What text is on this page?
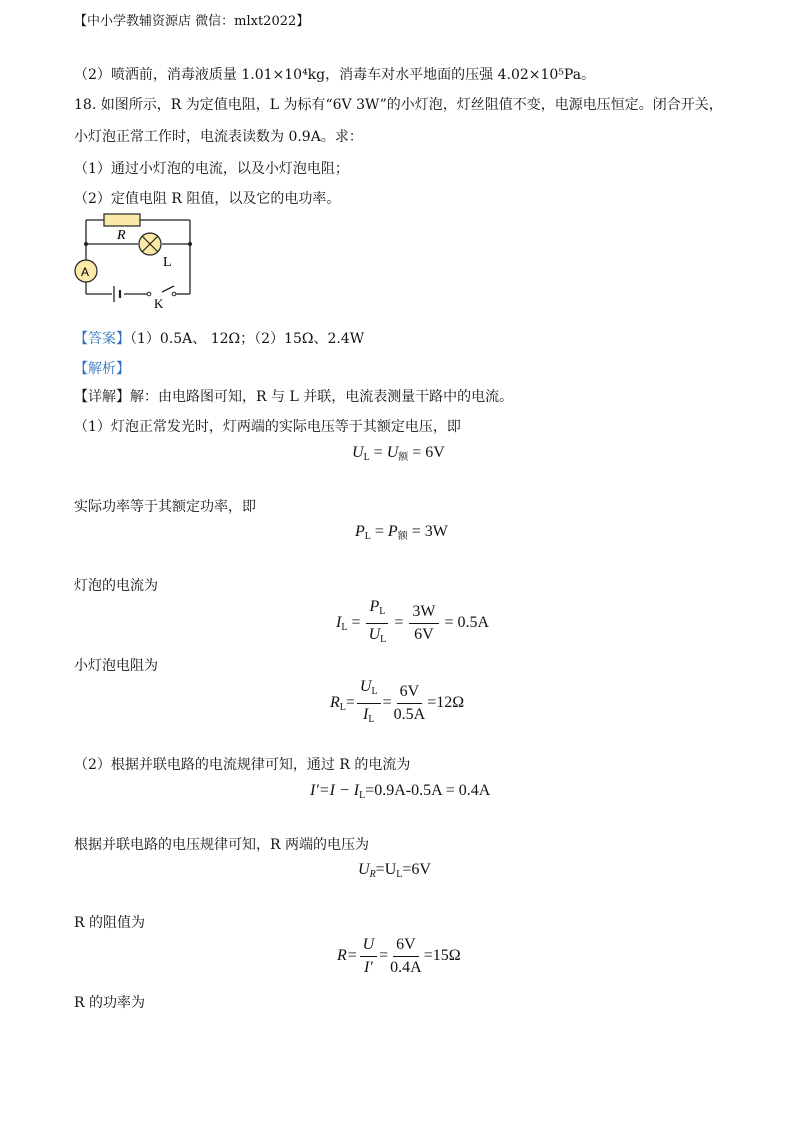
【中小学教辅资源店 微信：mlxt2022】
（2）喷洒前，消毒液质量 1.01×10⁴kg，消毒车对水平地面的压强 4.02×10⁵Pa。
18. 如图所示，R 为定值电阻，L 为标有“6V 3W”的小灯泡，灯丝阻值不变，电源电压恒定。闭合开关，
小灯泡正常工作时，电流表读数为 0.9A。求：
（1）通过小灯泡的电流，以及小灯泡电阻；
（2）定值电阻 R 阻值，以及它的电功率。
R
L
A
K
【答案】（1）0.5A、 12Ω；（2）15Ω、2.4W
【解析】
【详解】解：由电路图可知，R 与 L 并联，电流表测量干路中的电流。
（1）灯泡正常发光时，灯两端的实际电压等于其额定电压，即
$U_L = U_额 = 6V$
实际功率等于其额定功率，即
$P_L = P_额 = 3W$
灯泡的电流为
$I_L = \frac{P_L}{U_L} = \frac{3W}{6V} = 0.5A$
小灯泡电阻为
$R_L= \frac{U_L}{I_L} = \frac{6V}{0.5A} =12\Omega$
（2）根据并联电路的电流规律可知，通过 R 的电流为
$I'=I - I_L=0.9A-0.5A = 0.4A$
根据并联电路的电压规律可知，R 两端的电压为
$U_R=U_L=6V$
R 的阻值为
$R= \frac{U}{I'} = \frac{6V}{0.4A} =15\Omega$
R 的功率为
